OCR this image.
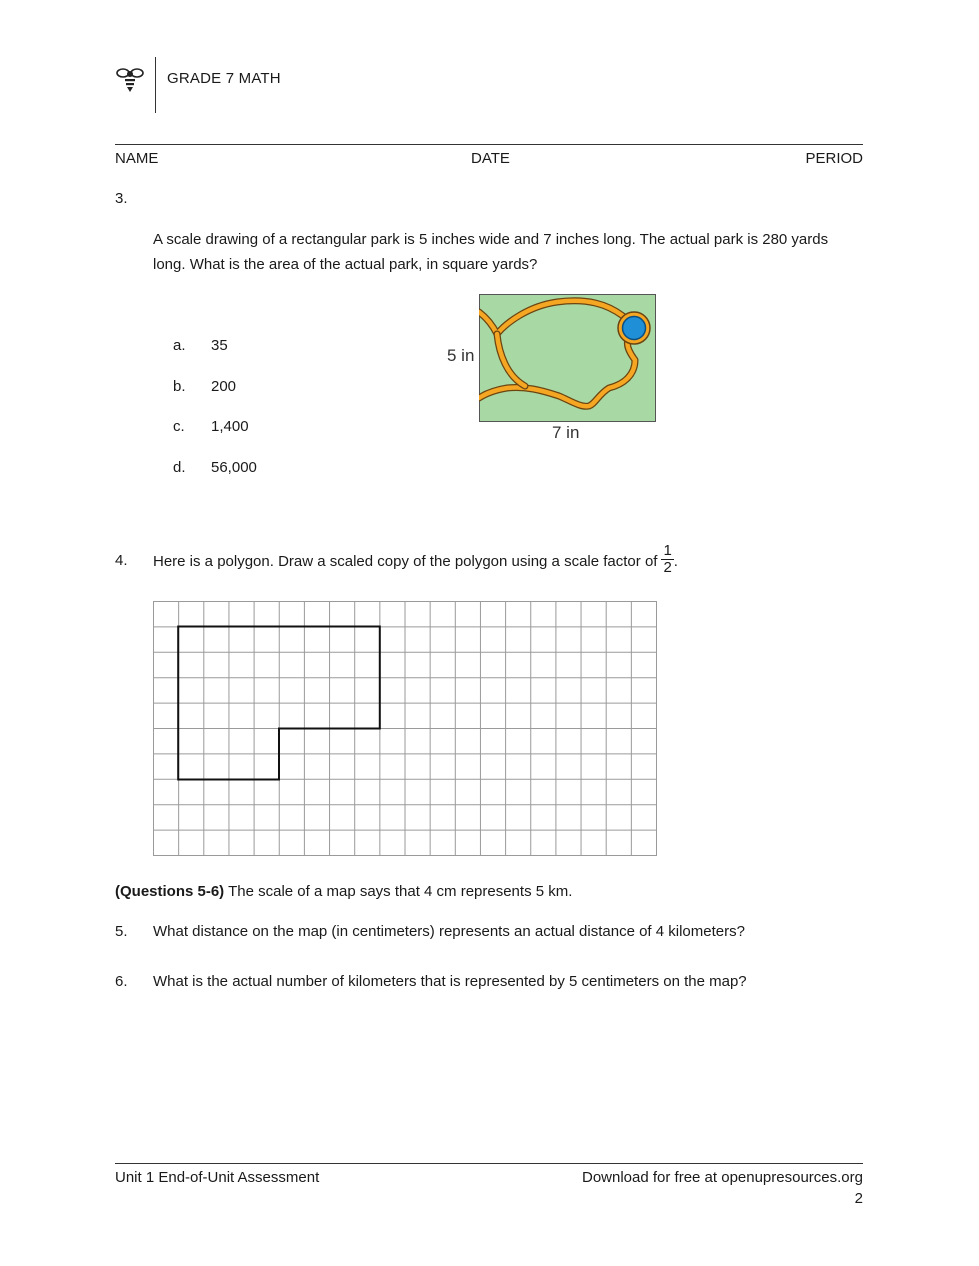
GRADE 7 MATH
NAME	DATE	PERIOD
3.
A scale drawing of a rectangular park is 5 inches wide and 7 inches long. The actual park is 280 yards long. What is the area of the actual park, in square yards?
a. 35
b. 200
c. 1,400
d. 56,000
5 in
7 in
4. Here is a polygon. Draw a scaled copy of the polygon using a scale factor of $\frac{1}{2}$ .
(Questions 5-6) The scale of a map says that 4 cm represents 5 km.
5. What distance on the map (in centimeters) represents an actual distance of 4 kilometers?
6. What is the actual number of kilometers that is represented by 5 centimeters on the map?
Unit 1 End-of-Unit Assessment	Download for free at openupresources.org
2
